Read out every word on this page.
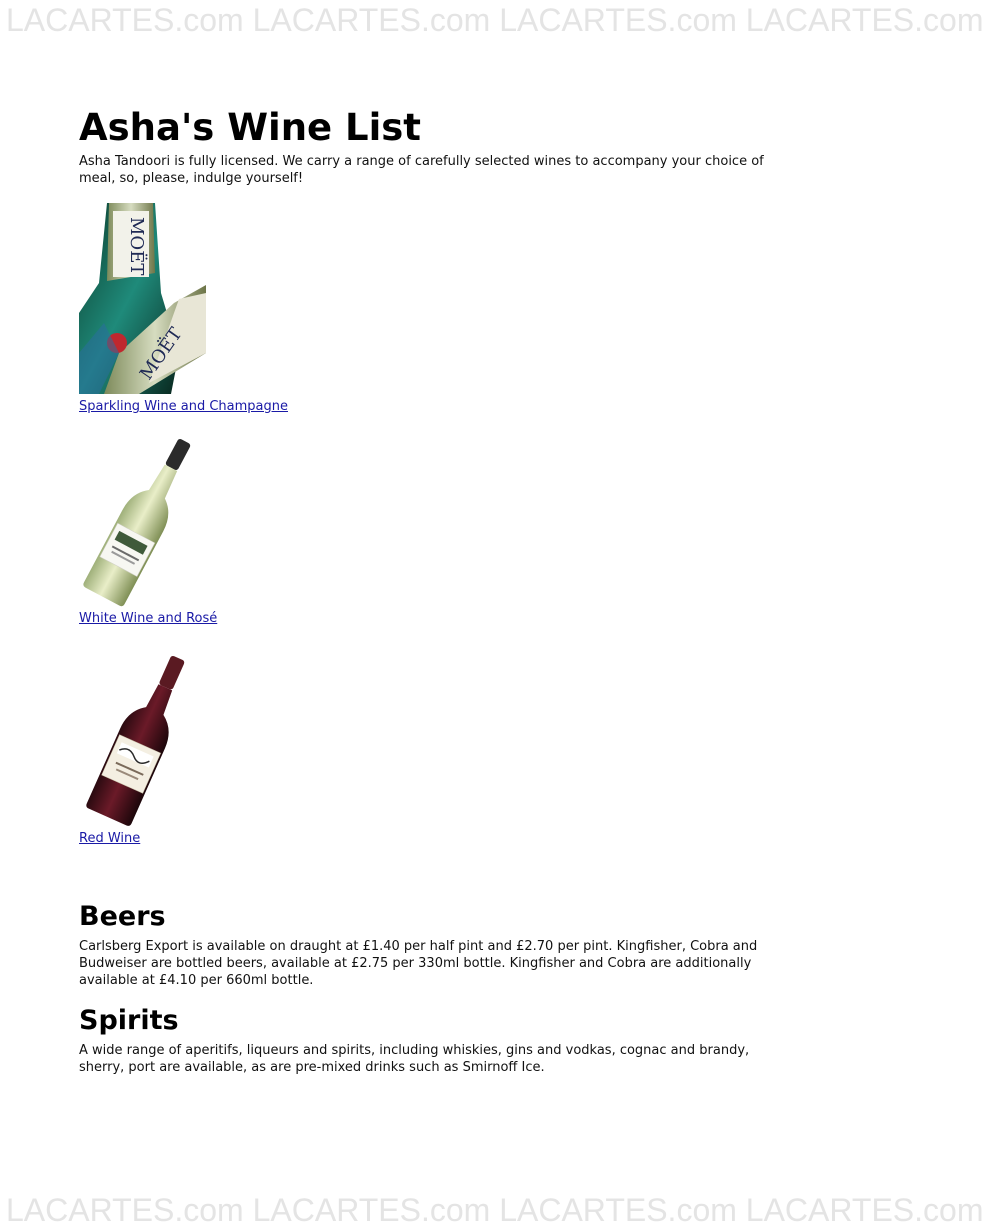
LACARTES.com LACARTES.com LACARTES.com LACARTES.com
Asha's Wine List

Asha Tandoori is fully licensed. We carry a range of carefully selected wines to accompany your choice of meal, so, please, indulge yourself!

MOËT
MOËT
Sparkling Wine and Champagne
White Wine and Rosé
Red Wine
Beers

Carlsberg Export is available on draught at £1.40 per half pint and £2.70 per pint. Kingfisher, Cobra and Budweiser are bottled beers, available at £2.75 per 330ml bottle. Kingfisher and Cobra are additionally available at £4.10 per 660ml bottle.

Spirits

A wide range of aperitifs, liqueurs and spirits, including whiskies, gins and vodkas, cognac and brandy, sherry, port are available, as are pre-mixed drinks such as Smirnoff Ice.

LACARTES.com LACARTES.com LACARTES.com LACARTES.com
